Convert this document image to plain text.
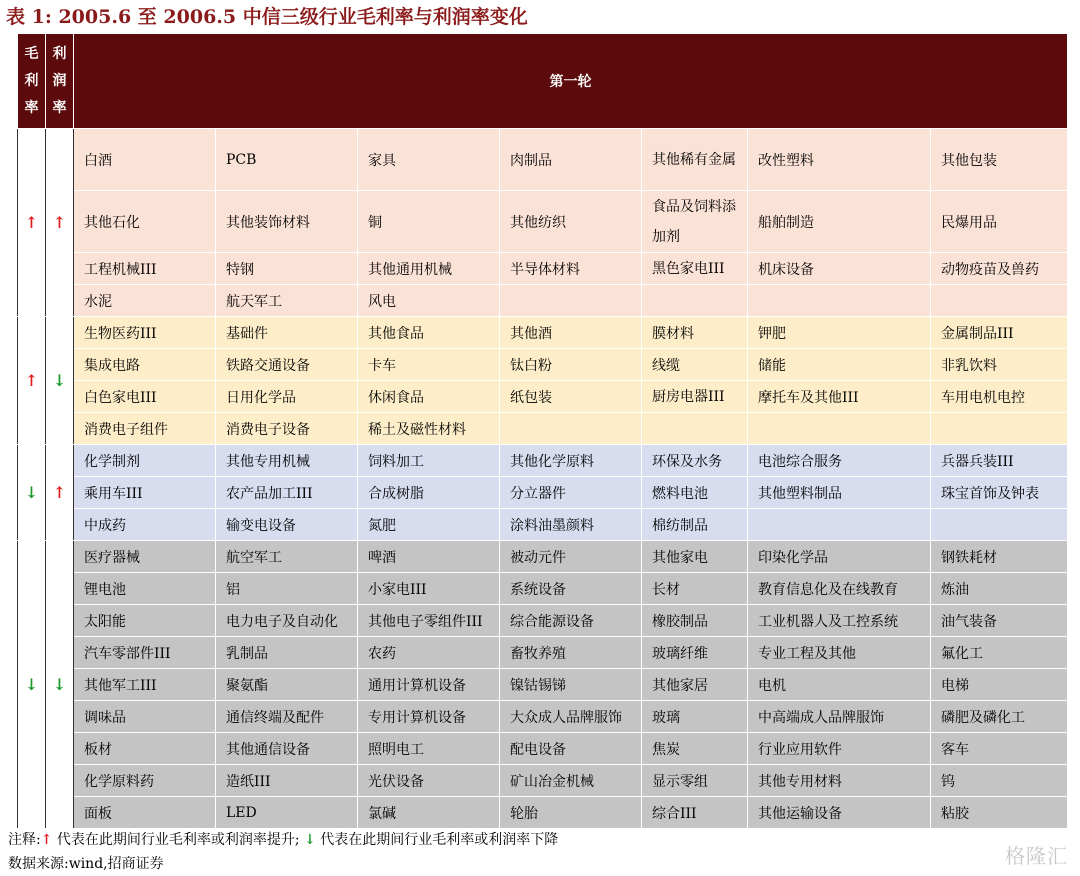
表 1: 2005.6 至 2006.5 中信三级行业毛利率与利润率变化
毛
利
率	利
润
率	第一轮						
↑	↑	白酒	PCB	家具	肉制品	其他稀有金属	改性塑料	其他包装
		其他石化	其他装饰材料	铜	其他纺织	食品及饲料添加剂	船舶制造	民爆用品
		工程机械III	特钢	其他通用机械	半导体材料	黑色家电III	机床设备	动物疫苗及兽药
		水泥	航天军工	风电				
↑	↓	生物医药III	基础件	其他食品	其他酒	膜材料	钾肥	金属制品III
		集成电路	铁路交通设备	卡车	钛白粉	线缆	储能	非乳饮料
		白色家电III	日用化学品	休闲食品	纸包装	厨房电器III	摩托车及其他III	车用电机电控
		消费电子组件	消费电子设备	稀土及磁性材料				
↓	↑	化学制剂	其他专用机械	饲料加工	其他化学原料	环保及水务	电池综合服务	兵器兵装III
		乘用车III	农产品加工III	合成树脂	分立器件	燃料电池	其他塑料制品	珠宝首饰及钟表
		中成药	输变电设备	氮肥	涂料油墨颜料	棉纺制品		
↓	↓	医疗器械	航空军工	啤酒	被动元件	其他家电	印染化学品	钢铁耗材
		锂电池	铝	小家电III	系统设备	长材	教育信息化及在线教育	炼油
		太阳能	电力电子及自动化	其他电子零组件III	综合能源设备	橡胶制品	工业机器人及工控系统	油气装备
		汽车零部件III	乳制品	农药	畜牧养殖	玻璃纤维	专业工程及其他	氟化工
		其他军工III	聚氨酯	通用计算机设备	镍钴锡锑	其他家居	电机	电梯
		调味品	通信终端及配件	专用计算机设备	大众成人品牌服饰	玻璃	中高端成人品牌服饰	磷肥及磷化工
		板材	其他通信设备	照明电工	配电设备	焦炭	行业应用软件	客车
		化学原料药	造纸III	光伏设备	矿山冶金机械	显示零组	其他专用材料	钨
		面板	LED	氯碱	轮胎	综合III	其他运输设备	粘胶
注释:↑ 代表在此期间行业毛利率或利润率提升; ↓ 代表在此期间行业毛利率或利润率下降
数据来源:wind,招商证券	格隆汇
